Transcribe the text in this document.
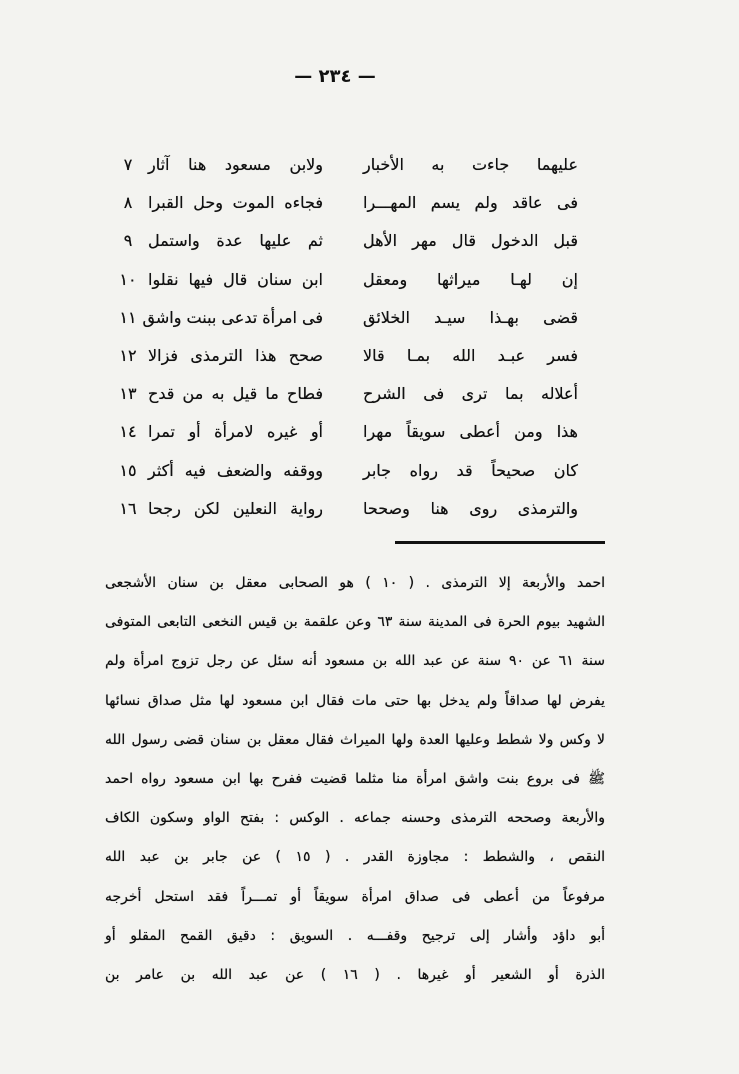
— ٢٣٤ —
عليهما جاءت به الأخبار
ولابن مسعود هنا آثار
٧
فى عاقد ولم يسم المهـــرا
فجاءه الموت وحل القبرا
٨
قبل الدخول قال مهر الأهل
ثم عليها عدة واستمل
٩
إن لهـا ميراثها ومعقل
ابن سنان قال فيها نقلوا
١٠
قضى بهـذا سيـد الخلائق
فى امرأة تدعى ببنت واشق
١١
فسر عبـد الله بمـا قالا
صحح هذا الترمذى فزالا
١٢
أعلاله بما ترى فى الشرح
فطاح ما قيل به من قدح
١٣
هذا ومن أعطى سويقاً مهرا
أو غيره لامرأة أو تمرا
١٤
كان صحيحاً قد رواه جابر
ووقفه والضعف فيه أكثر
١٥
والترمذى روى هنا وصححا
رواية النعلين لكن رجحا
١٦
احمد والأربعة إلا الترمذى . ( ١٠ ) هو الصحابى معقل بن سنان الأشجعى
الشهيد بيوم الحرة فى المدينة سنة ٦٣ وعن علقمة بن قيس النخعى التابعى المتوفى
سنة ٦١ عن ٩٠ سنة عن عبد الله بن مسعود أنه سئل عن رجل تزوج امرأة ولم
يفرض لها صداقاً ولم يدخل بها حتى مات فقال ابن مسعود لها مثل صداق نسائها
لا وكس ولا شطط وعليها العدة ولها الميراث فقال معقل بن سنان قضى رسول الله
ﷺ فى بروع بنت واشق امرأة منا مثلما قضيت ففرح بها ابن مسعود رواه احمد
والأربعة وصححه الترمذى وحسنه جماعه . الوكس : بفتح الواو وسكون الكاف
النقص ، والشطط : مجاوزة القدر . ( ١٥ ) عن جابر بن عبد الله
مرفوعاً من أعطى فى صداق امرأة سويقاً أو تمـــراً فقد استحل أخرجه
أبو داؤد وأشار إلى ترجيح وقفـــه . السويق : دقيق القمح المقلو أو
الذرة أو الشعير أو غيرها . ( ١٦ ) عن عبد الله بن عامر بن
